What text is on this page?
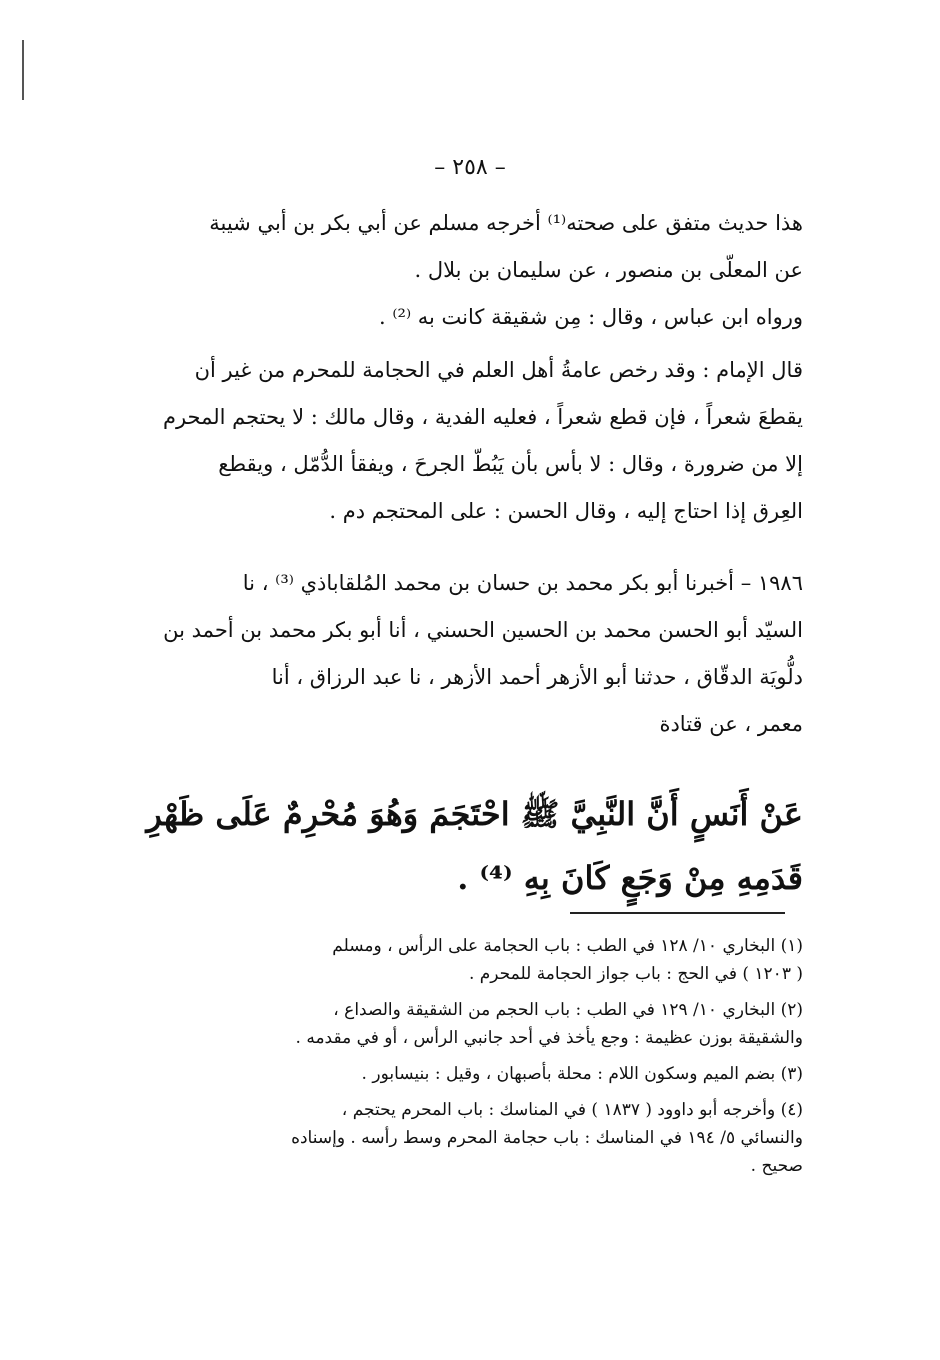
– ٢٥٨ –
هذا حديث متفق على صحته⁽¹⁾ أخرجه مسلم عن أبي بكر بن أبي شيبة
عن المعلّى بن منصور ، عن سليمان بن بلال .
ورواه ابن عباس ، وقال : مِن شقيقة كانت به ⁽²⁾ .
قال الإمام : وقد رخص عامةُ أهل العلم في الحجامة للمحرم من غير أن
يقطعَ شعراً ، فإن قطع شعراً ، فعليه الفدية ، وقال مالك : لا يحتجم المحرم
إلا من ضرورة ، وقال : لا بأس بأن يَبُطّ الجرحَ ، ويفقأ الدُّمّل ، ويقطع
العِرق إذا احتاج إليه ، وقال الحسن : على المحتجم دم .
١٩٨٦ – أخبرنا أبو بكر محمد بن حسان بن محمد المُلقاباذي ⁽³⁾ ، نا
السيّد أبو الحسن محمد بن الحسين الحسني ، أنا أبو بكر محمد بن أحمد بن
دلُّويَة الدقّاق ، حدثنا أبو الأزهر أحمد الأزهر ، نا عبد الرزاق ، أنا
معمر ، عن قتادة
عَنْ أَنَسٍ أَنَّ النَّبِيَّ ﷺ احْتَجَمَ وَهُوَ مُحْرِمٌ عَلَى ظَهْرِ
قَدَمِهِ مِنْ وَجَعٍ كَانَ بِهِ ⁽⁴⁾ .
(١) البخاري ١٠/ ١٢٨ في الطب : باب الحجامة على الرأس ، ومسلم
( ١٢٠٣ ) في الحج : باب جواز الحجامة للمحرم .
(٢) البخاري ١٠/ ١٢٩ في الطب : باب الحجم من الشقيقة والصداع ،
والشقيقة بوزن عظيمة : وجع يأخذ في أحد جانبي الرأس ، أو في مقدمه .
(٣) بضم الميم وسكون اللام : محلة بأصبهان ، وقيل : بنيسابور .
(٤) وأخرجه أبو داوود ( ١٨٣٧ ) في المناسك : باب المحرم يحتجم ،
والنسائي ٥/ ١٩٤ في المناسك : باب حجامة المحرم وسط رأسه . وإسناده
صحيح .
